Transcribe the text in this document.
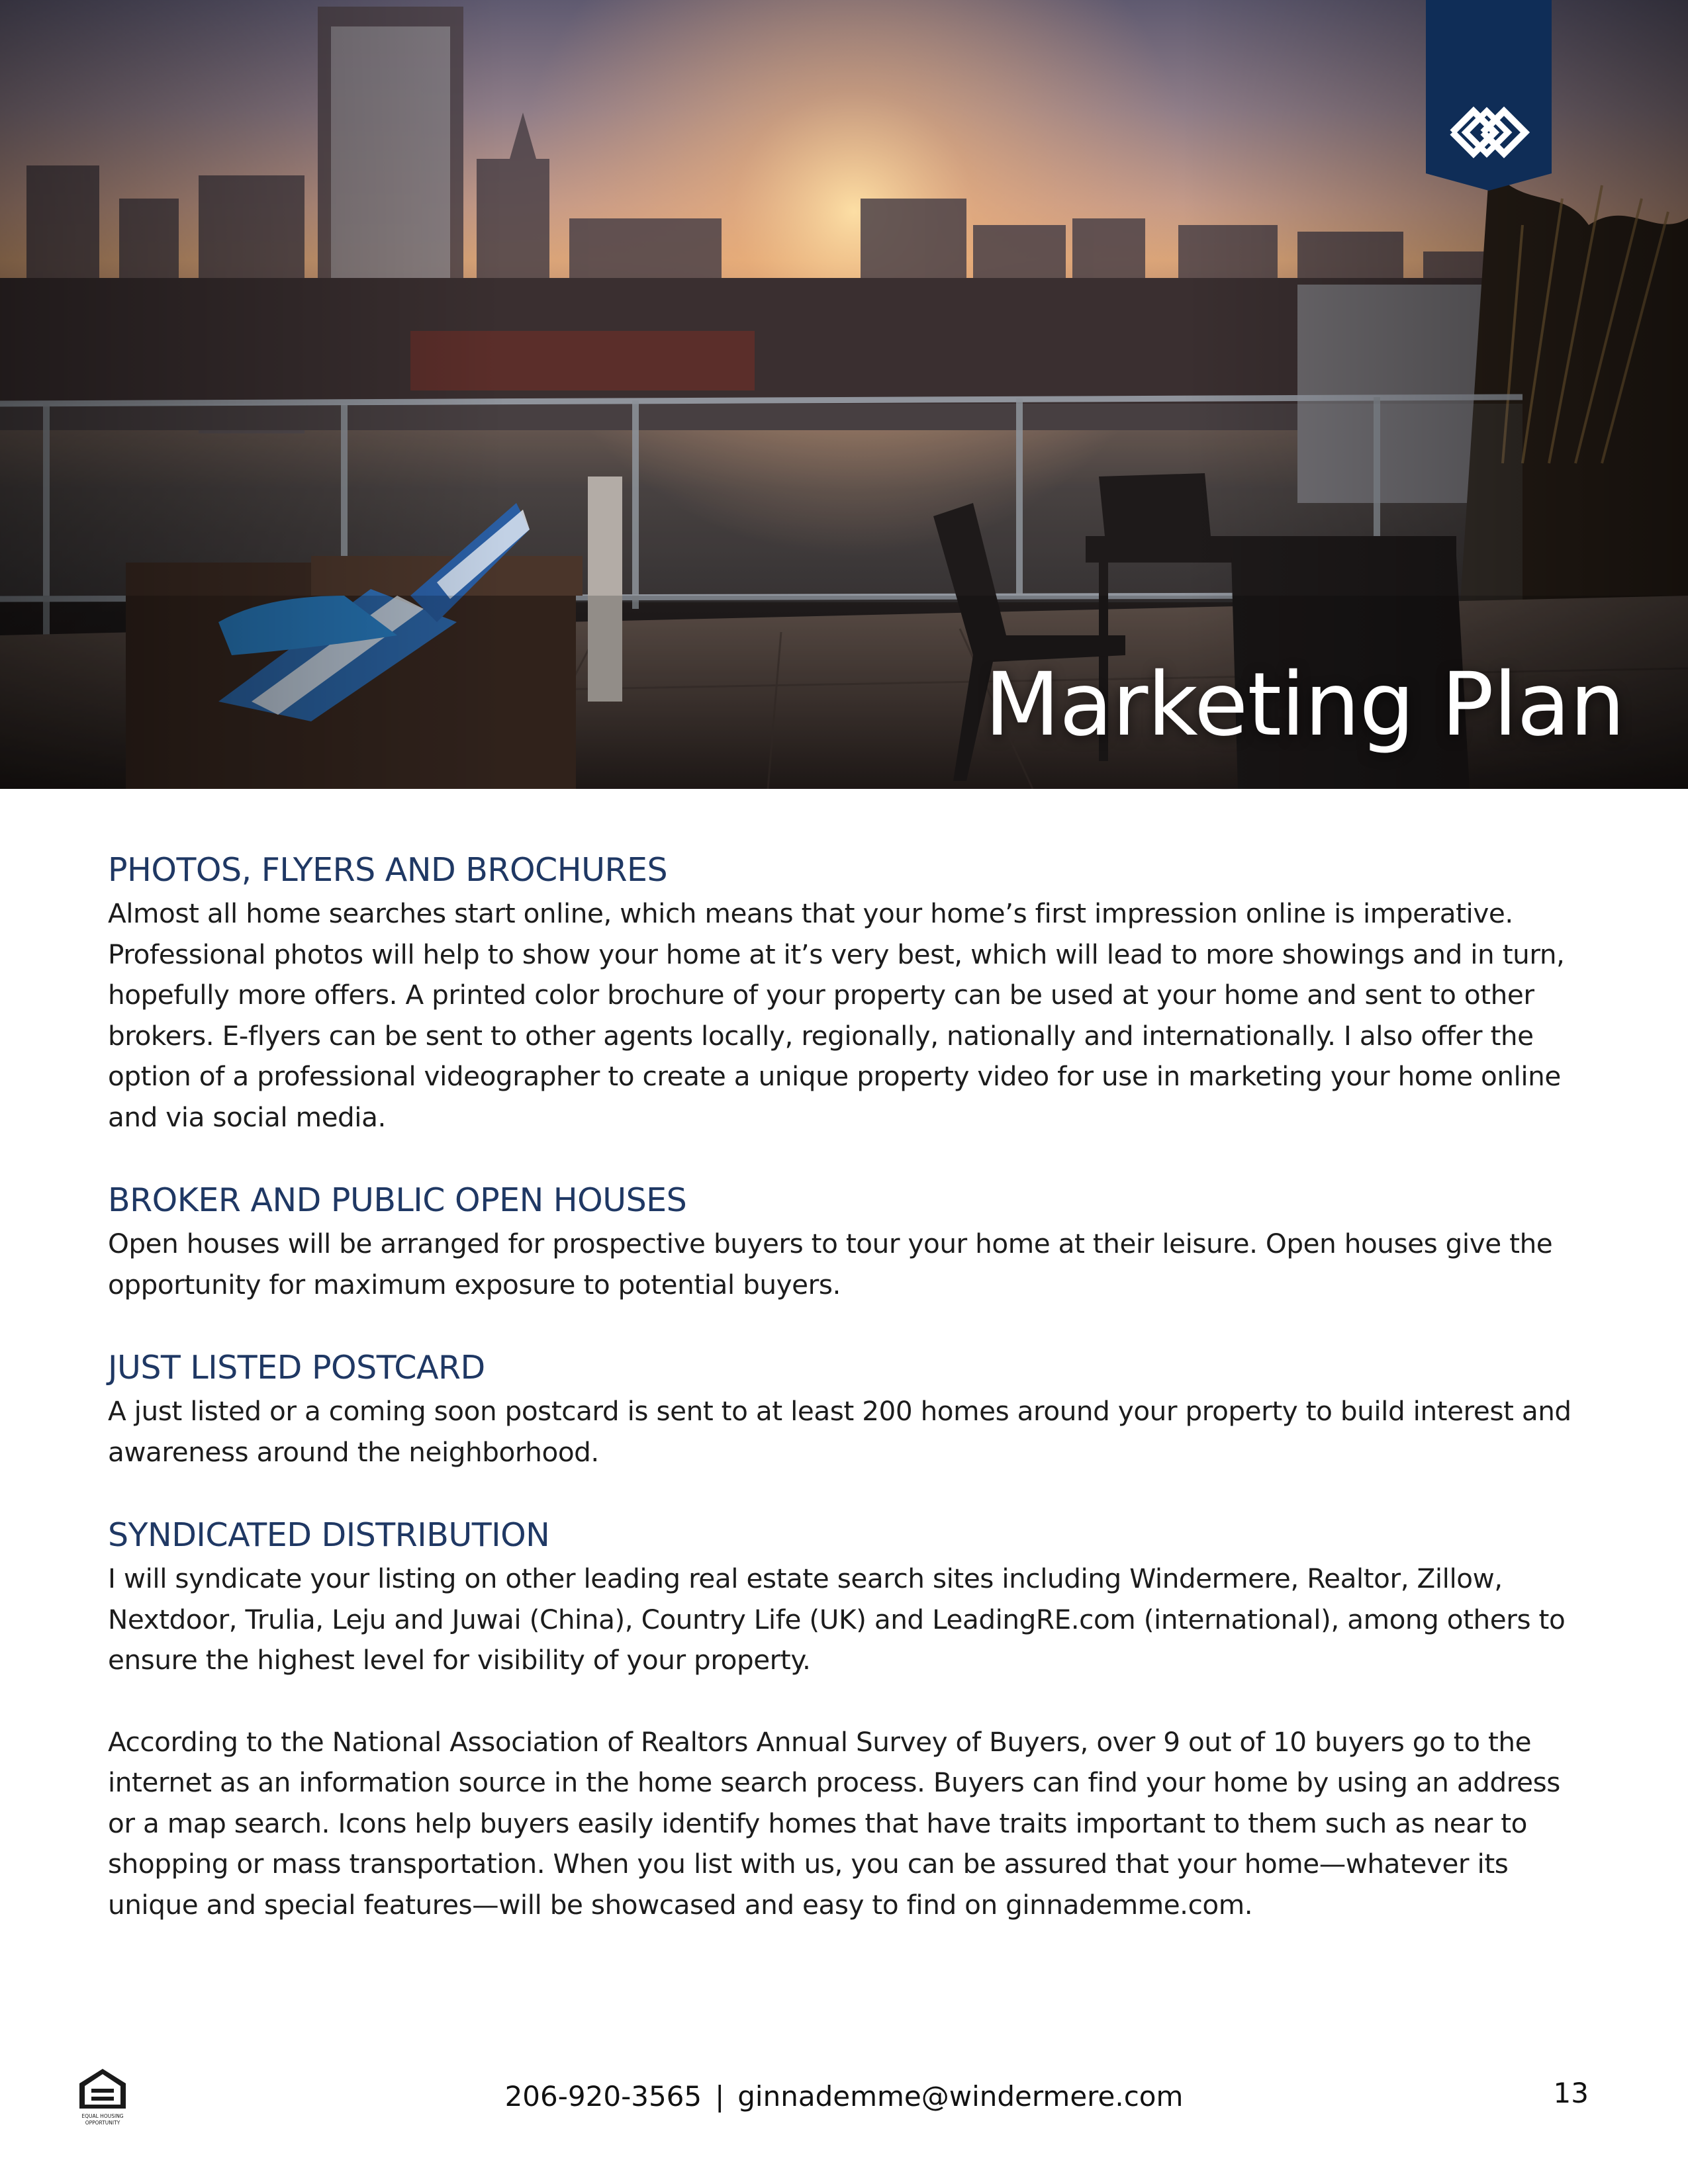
Marketing Plan
PHOTOS, FLYERS AND BROCHURES

Almost all home searches start online, which means that your home’s first impression online is imperative. Professional photos will help to show your home at it’s very best, which will lead to more showings and in turn, hopefully more offers. A printed color brochure of your property can be used at your home and sent to other brokers. E-flyers can be sent to other agents locally, regionally, nationally and internationally. I also offer the option of a professional videographer to create a unique property video for use in marketing your home online and via social media.

BROKER AND PUBLIC OPEN HOUSES

Open houses will be arranged for prospective buyers to tour your home at their leisure. Open houses give the opportunity for maximum exposure to potential buyers.

JUST LISTED POSTCARD

A just listed or a coming soon postcard is sent to at least 200 homes around your property to build interest and awareness around the neighborhood.

SYNDICATED DISTRIBUTION

I will syndicate your listing on other leading real estate search sites including Windermere, Realtor, Zillow, Nextdoor, Trulia, Leju and Juwai (China), Country Life (UK) and LeadingRE.com (international), among others to ensure the highest level for visibility of your property.

According to the National Association of Realtors Annual Survey of Buyers, over 9 out of 10 buyers go to the internet as an information source in the home search process. Buyers can find your home by using an address or a map search. Icons help buyers easily identify homes that have traits important to them such as near to shopping or mass transportation. When you list with us, you can be assured that your home—whatever its unique and special features—will be showcased and easy to find on ginnademme.com.

EQUAL HOUSING
OPPORTUNITY
206-920-3565 | ginnademme@windermere.com	13
